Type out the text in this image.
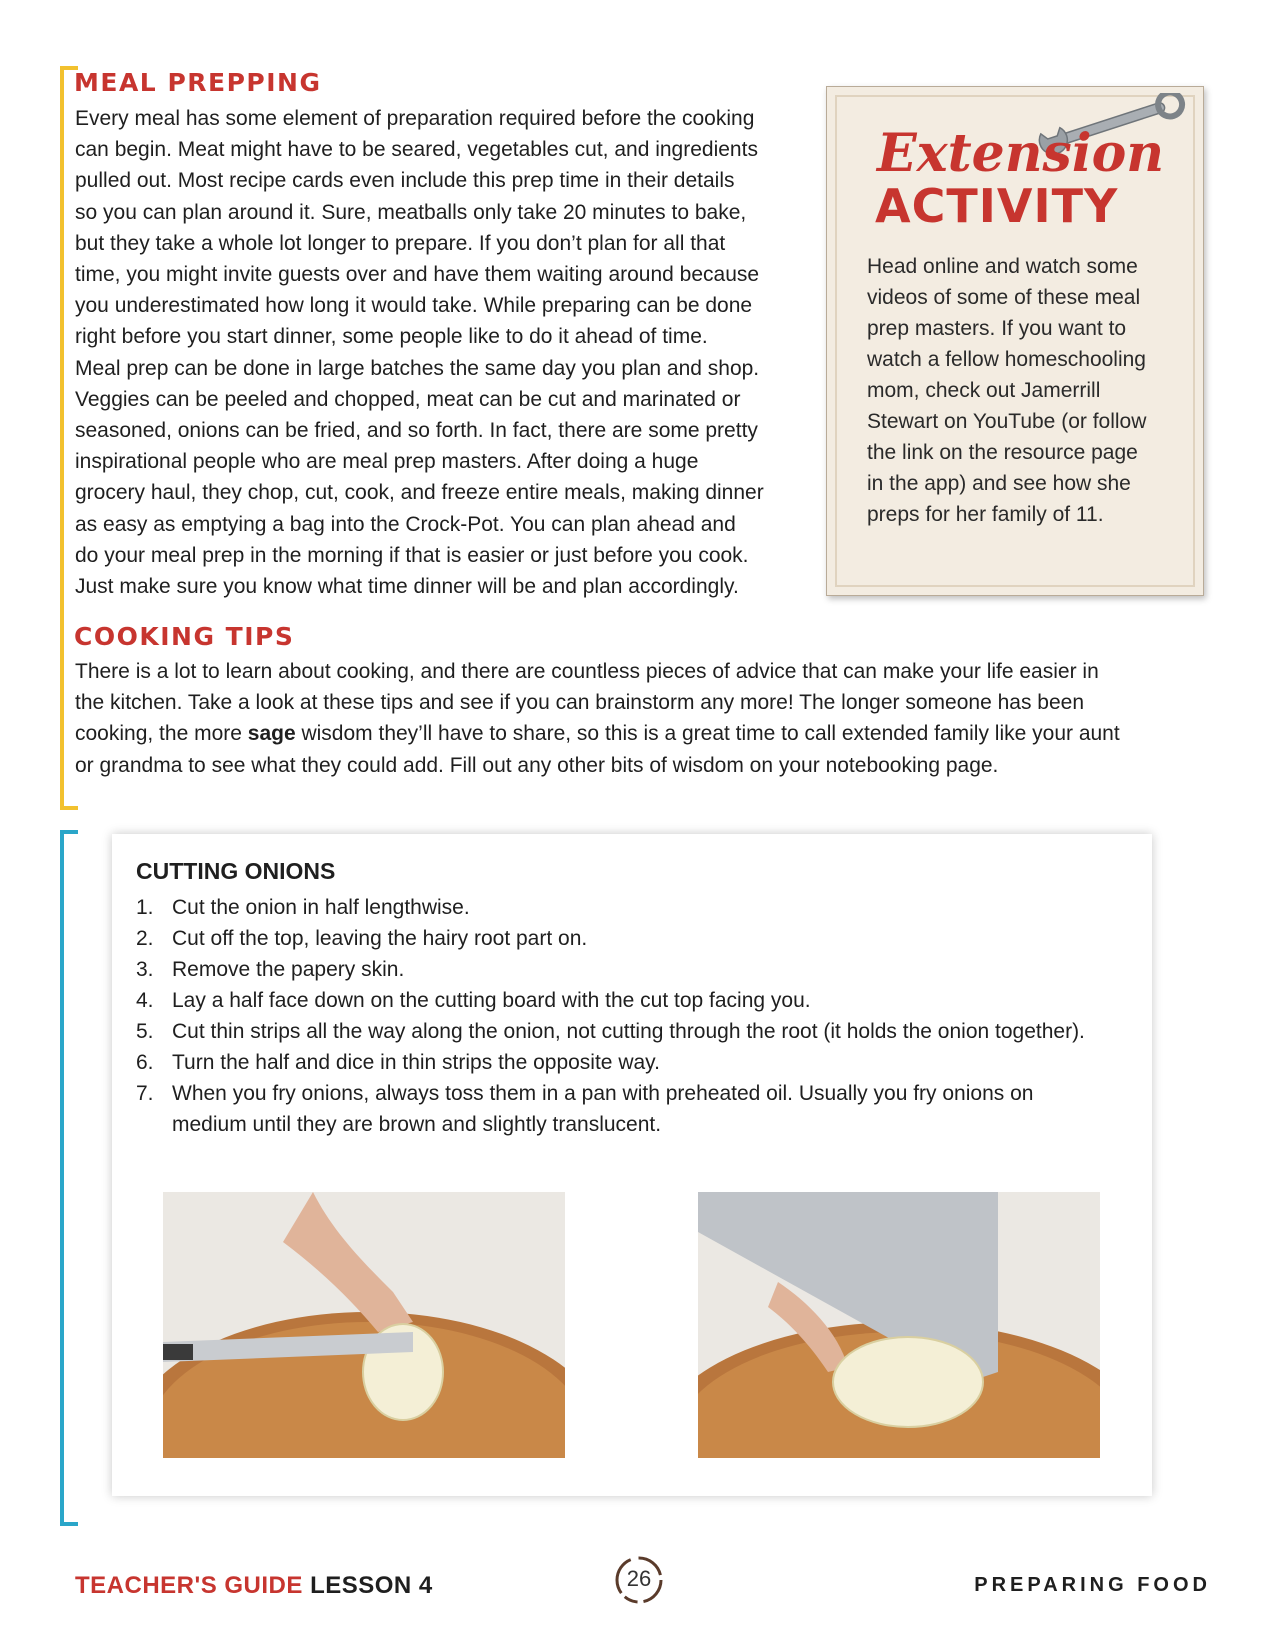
MEAL PREPPING
Every meal has some element of preparation required before the cooking
can begin. Meat might have to be seared, vegetables cut, and ingredients
pulled out. Most recipe cards even include this prep time in their details
so you can plan around it. Sure, meatballs only take 20 minutes to bake,
but they take a whole lot longer to prepare. If you don’t plan for all that
time, you might invite guests over and have them waiting around because
you underestimated how long it would take. While preparing can be done
right before you start dinner, some people like to do it ahead of time.
Meal prep can be done in large batches the same day you plan and shop.
Veggies can be peeled and chopped, meat can be cut and marinated or
seasoned, onions can be fried, and so forth. In fact, there are some pretty
inspirational people who are meal prep masters. After doing a huge
grocery haul, they chop, cut, cook, and freeze entire meals, making dinner
as easy as emptying a bag into the Crock-Pot. You can plan ahead and
do your meal prep in the morning if that is easier or just before you cook.
Just make sure you know what time dinner will be and plan accordingly.
Extension
ACTIVITY
Head online and watch some
videos of some of these meal
prep masters. If you want to
watch a fellow homeschooling
mom, check out Jamerrill
Stewart on YouTube (or follow
the link on the resource page
in the app) and see how she
preps for her family of 11.
COOKING TIPS
There is a lot to learn about cooking, and there are countless pieces of advice that can make your life easier in
the kitchen. Take a look at these tips and see if you can brainstorm any more! The longer someone has been
cooking, the more sage wisdom they’ll have to share, so this is a great time to call extended family like your aunt
or grandma to see what they could add. Fill out any other bits of wisdom on your notebooking page.
CUTTING ONIONS
1. Cut the onion in half lengthwise.
2. Cut off the top, leaving the hairy root part on.
3. Remove the papery skin.
4. Lay a half face down on the cutting board with the cut top facing you.
5. Cut thin strips all the way along the onion, not cutting through the root (it holds the onion together).
6. Turn the half and dice in thin strips the opposite way.
7. When you fry onions, always toss them in a pan with preheated oil. Usually you fry onions on medium until they are brown and slightly translucent.
TEACHER'S GUIDE LESSON 4	26	PREPARING FOOD
